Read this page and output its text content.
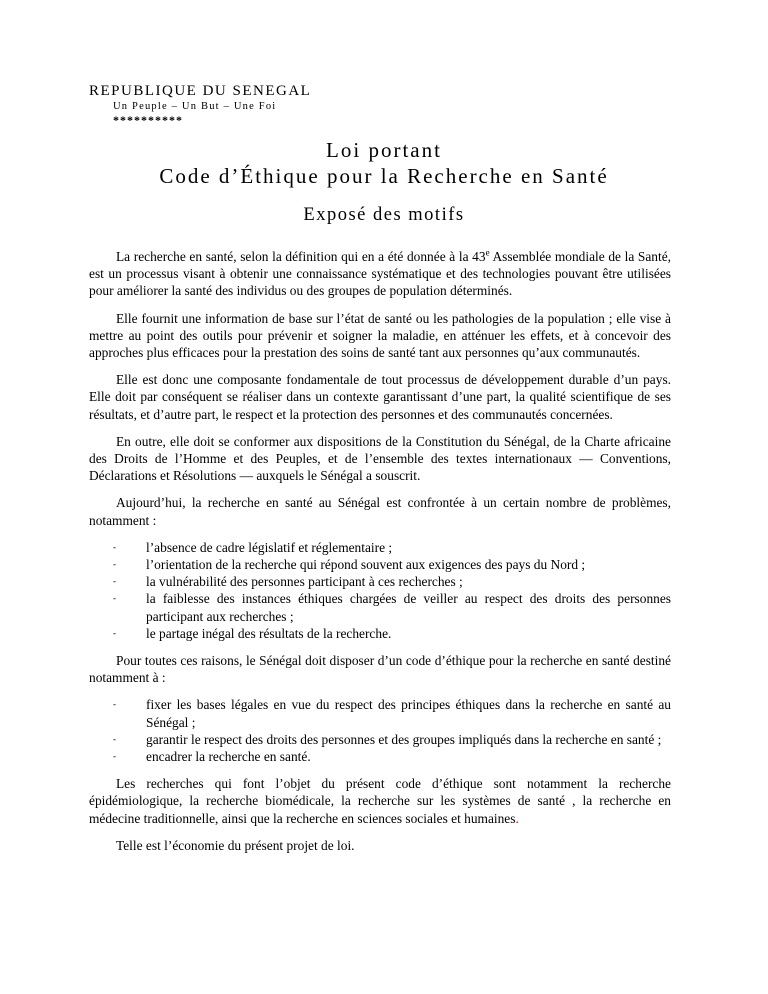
REPUBLIQUE DU SENEGAL
Un Peuple – Un But – Une Foi
**********
Loi portant
Code d’Éthique pour la Recherche en Santé
Exposé des motifs

La recherche en santé, selon la définition qui en a été donnée à la 43e Assemblée mondiale de la Santé, est un processus visant à obtenir une connaissance systématique et des technologies pouvant être utilisées pour améliorer la santé des individus ou des groupes de population déterminés.

Elle fournit une information de base sur l’état de santé ou les pathologies de la population ; elle vise à mettre au point des outils pour prévenir et soigner la maladie, en atténuer les effets, et à concevoir des approches plus efficaces pour la prestation des soins de santé tant aux personnes qu’aux communautés.

Elle est donc une composante fondamentale de tout processus de développement durable d’un pays. Elle doit par conséquent se réaliser dans un contexte garantissant d’une part, la qualité scientifique de ses résultats, et d’autre part, le respect et la protection des personnes et des communautés concernées.

En outre, elle doit se conformer aux dispositions de la Constitution du Sénégal, de la Charte africaine des Droits de l’Homme et des Peuples, et de l’ensemble des textes internationaux — Conventions, Déclarations et Résolutions — auxquels le Sénégal a souscrit.

Aujourd’hui, la recherche en santé au Sénégal est confrontée à un certain nombre de problèmes, notamment :

- l’absence de cadre législatif et réglementaire ;
- l’orientation de la recherche qui répond souvent aux exigences des pays du Nord ;
- la vulnérabilité des personnes participant à ces recherches ;
- la faiblesse des instances éthiques chargées de veiller au respect des droits des personnes participant aux recherches ;
- le partage inégal des résultats de la recherche.

Pour toutes ces raisons, le Sénégal doit disposer d’un code d’éthique pour la recherche en santé destiné notamment à :

- fixer les bases légales en vue du respect des principes éthiques dans la recherche en santé au Sénégal ;
- garantir le respect des droits des personnes et des groupes impliqués dans la recherche en santé ;
- encadrer la recherche en santé.

Les recherches qui font l’objet du présent code d’éthique sont notamment la recherche épidémiologique, la recherche biomédicale, la recherche sur les systèmes de santé , la recherche en médecine traditionnelle, ainsi que la recherche en sciences sociales et humaines.

Telle est l’économie du présent projet de loi.
